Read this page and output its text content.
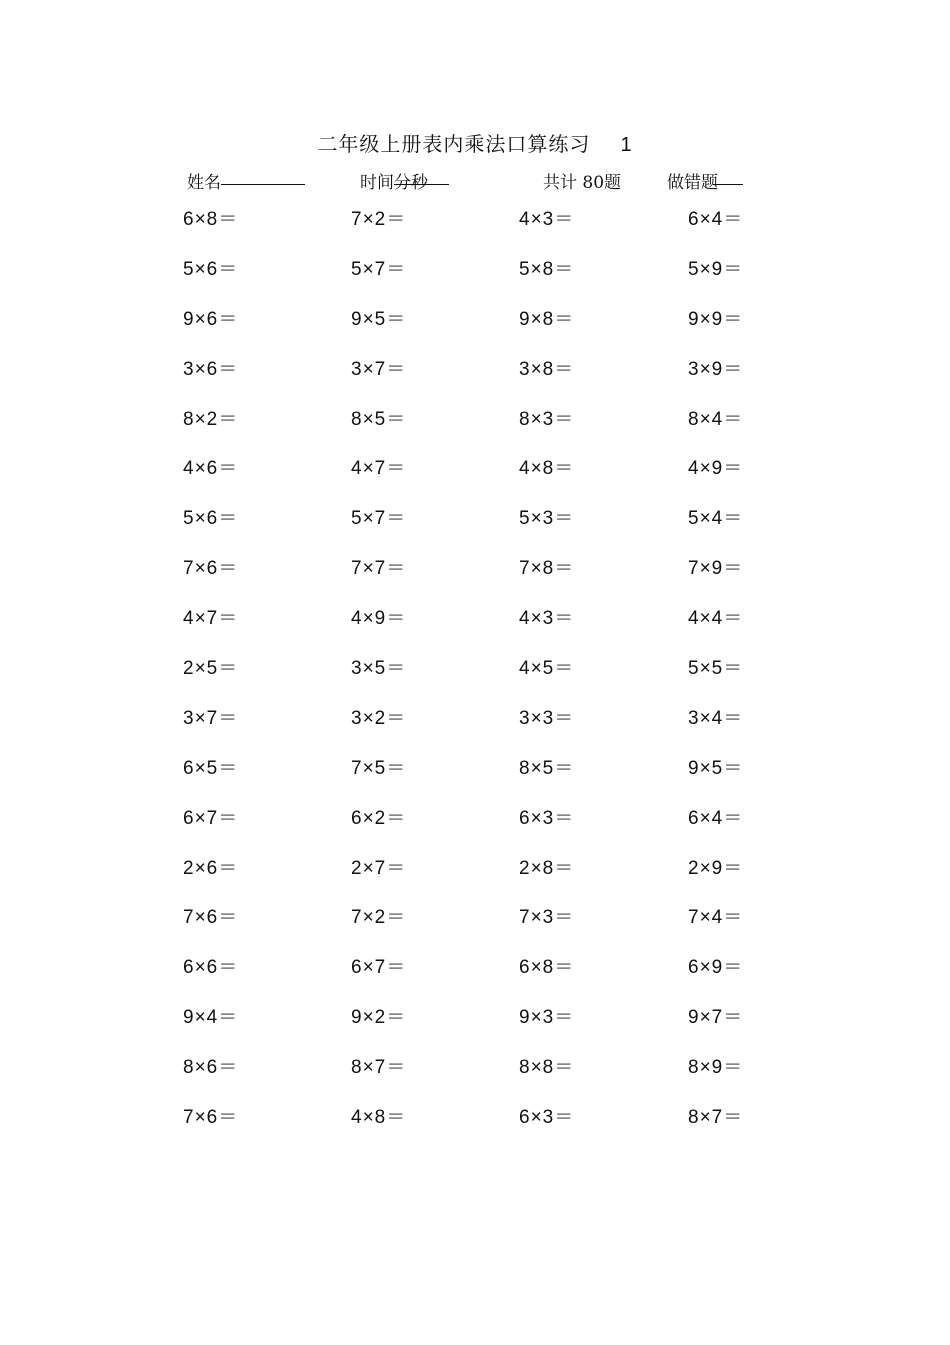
二年级上册表内乘法口算练习 1
姓名	时间
分
秒	共计 80题	做错
题
6×8＝	7×2＝	4×3＝	6×4＝
5×6＝	5×7＝	5×8＝	5×9＝
9×6＝	9×5＝	9×8＝	9×9＝
3×6＝	3×7＝	3×8＝	3×9＝
8×2＝	8×5＝	8×3＝	8×4＝
4×6＝	4×7＝	4×8＝	4×9＝
5×6＝	5×7＝	5×3＝	5×4＝
7×6＝	7×7＝	7×8＝	7×9＝
4×7＝	4×9＝	4×3＝	4×4＝
2×5＝	3×5＝	4×5＝	5×5＝
3×7＝	3×2＝	3×3＝	3×4＝
6×5＝	7×5＝	8×5＝	9×5＝
6×7＝	6×2＝	6×3＝	6×4＝
2×6＝	2×7＝	2×8＝	2×9＝
7×6＝	7×2＝	7×3＝	7×4＝
6×6＝	6×7＝	6×8＝	6×9＝
9×4＝	9×2＝	9×3＝	9×7＝
8×6＝	8×7＝	8×8＝	8×9＝
7×6＝	4×8＝	6×3＝	8×7＝
